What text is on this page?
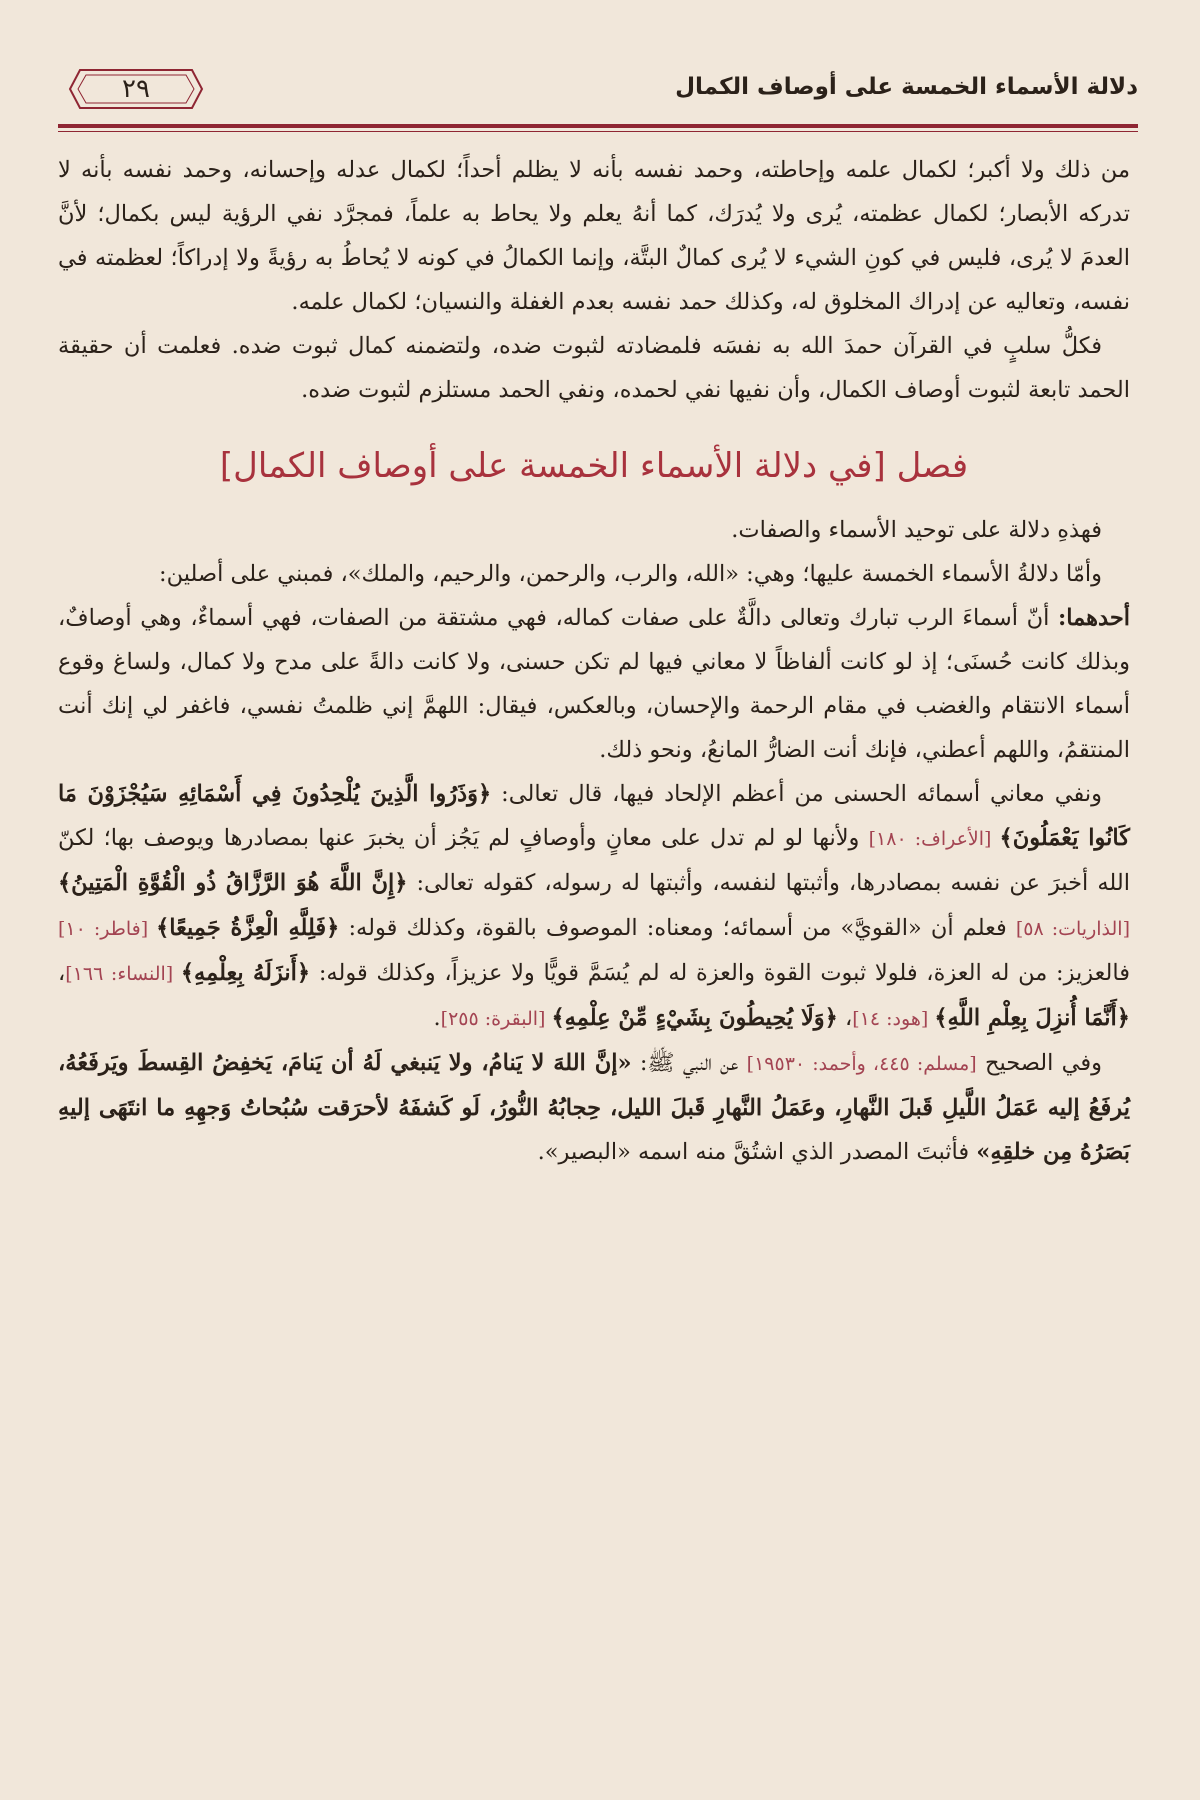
دلالة الأسماء الخمسة على أوصاف الكمال
٢٩

من ذلك ولا أكبر؛ لكمال علمه وإحاطته، وحمد نفسه بأنه لا يظلم أحداً؛ لكمال عدله وإحسانه، وحمد نفسه بأنه لا تدركه الأبصار؛ لكمال عظمته، يُرى ولا يُدرَك، كما أنهُ يعلم ولا يحاط به علماً، فمجرَّد نفي الرؤية ليس بكمال؛ لأنَّ العدمَ لا يُرى، فليس في كونِ الشيء لا يُرى كمالٌ البتَّة، وإنما الكمالُ في كونه لا يُحاطُ به رؤيةً ولا إدراكاً؛ لعظمته في نفسه، وتعاليه عن إدراك المخلوق له، وكذلك حمد نفسه بعدم الغفلة والنسيان؛ لكمال علمه.

فكلُّ سلبٍ في القرآن حمدَ الله به نفسَه فلمضادته لثبوت ضده، ولتضمنه كمال ثبوت ضده. فعلمت أن حقيقة الحمد تابعة لثبوت أوصاف الكمال، وأن نفيها نفي لحمده، ونفي الحمد مستلزم لثبوت ضده.

فصل [في دلالة الأسماء الخمسة على أوصاف الكمال]

فهذهِ دلالة على توحيد الأسماء والصفات.

وأمّا دلالةُ الأسماء الخمسة عليها؛ وهي: «الله، والرب، والرحمن، والرحيم، والملك»، فمبني على أصلين:

أحدهما: أنّ أسماءَ الرب تبارك وتعالى دالَّةٌ على صفات كماله، فهي مشتقة من الصفات، فهي أسماءٌ، وهي أوصافٌ، وبذلك كانت حُسنَى؛ إذ لو كانت ألفاظاً لا معاني فيها لم تكن حسنى، ولا كانت دالةً على مدح ولا كمال، ولساغ وقوع أسماء الانتقام والغضب في مقام الرحمة والإحسان، وبالعكس، فيقال: اللهمَّ إني ظلمتُ نفسي، فاغفر لي إنك أنت المنتقمُ، واللهم أعطني، فإنك أنت الضارُّ المانعُ، ونحو ذلك.

ونفي معاني أسمائه الحسنى من أعظم الإلحاد فيها، قال تعالى: ﴿وَذَرُوا الَّذِينَ يُلْحِدُونَ فِي أَسْمَائِهِ سَيُجْزَوْنَ مَا كَانُوا يَعْمَلُونَ﴾ [الأعراف: ١٨٠] ولأنها لو لم تدل على معانٍ وأوصافٍ لم يَجُز أن يخبرَ عنها بمصادرها ويوصف بها؛ لكنّ الله أخبرَ عن نفسه بمصادرها، وأثبتها لنفسه، وأثبتها له رسوله، كقوله تعالى: ﴿إِنَّ اللَّهَ هُوَ الرَّزَّاقُ ذُو الْقُوَّةِ الْمَتِينُ﴾ [الذاريات: ٥٨] فعلم أن «القويَّ» من أسمائه؛ ومعناه: الموصوف بالقوة، وكذلك قوله: ﴿فَلِلَّهِ الْعِزَّةُ جَمِيعًا﴾ [فاطر: ١٠] فالعزيز: من له العزة، فلولا ثبوت القوة والعزة له لم يُسَمَّ قويًّا ولا عزيزاً، وكذلك قوله: ﴿أَنزَلَهُ بِعِلْمِهِ﴾ [النساء: ١٦٦]، ﴿أَنَّمَا أُنزِلَ بِعِلْمِ اللَّهِ﴾ [هود: ١٤]، ﴿وَلَا يُحِيطُونَ بِشَيْءٍ مِّنْ عِلْمِهِ﴾ [البقرة: ٢٥٥].

وفي الصحيح [مسلم: ٤٤٥، وأحمد: ١٩٥٣٠] عن النبي ﷺ: «إنَّ اللهَ لا يَنامُ، ولا يَنبغي لَهُ أن يَنامَ، يَخفِضُ القِسطَ ويَرفَعُهُ، يُرفَعُ إليه عَمَلُ اللَّيلِ قَبلَ النَّهارِ، وعَمَلُ النَّهارِ قَبلَ الليل، حِجابُهُ النُّورُ، لَو كَشفَهُ لأحرَقت سُبُحاتُ وَجهِهِ ما انتَهَى إليهِ بَصَرُهُ مِن خلقِهِ» فأثبتَ المصدر الذي اشتُقَّ منه اسمه «البصير».
